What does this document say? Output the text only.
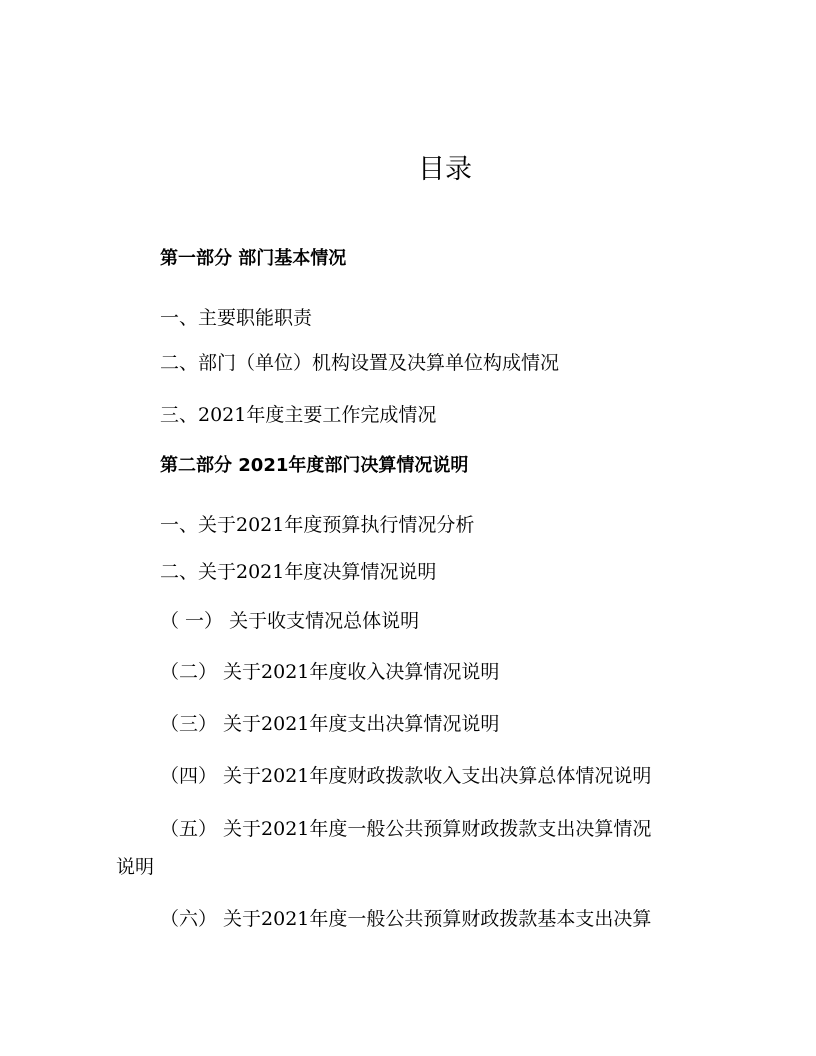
目录

第一部分 部门基本情况

一、主要职能职责

二、部门（单位）机构设置及决算单位构成情况

三、2021年度主要工作完成情况

第二部分 2021年度部门决算情况说明

一、关于2021年度预算执行情况分析

二、关于2021年度决算情况说明

（ 一） 关于收支情况总体说明

（二） 关于2021年度收入决算情况说明

（三） 关于2021年度支出决算情况说明

（四） 关于2021年度财政拨款收入支出决算总体情况说明

（五） 关于2021年度一般公共预算财政拨款支出决算情况

说明

（六） 关于2021年度一般公共预算财政拨款基本支出决算
